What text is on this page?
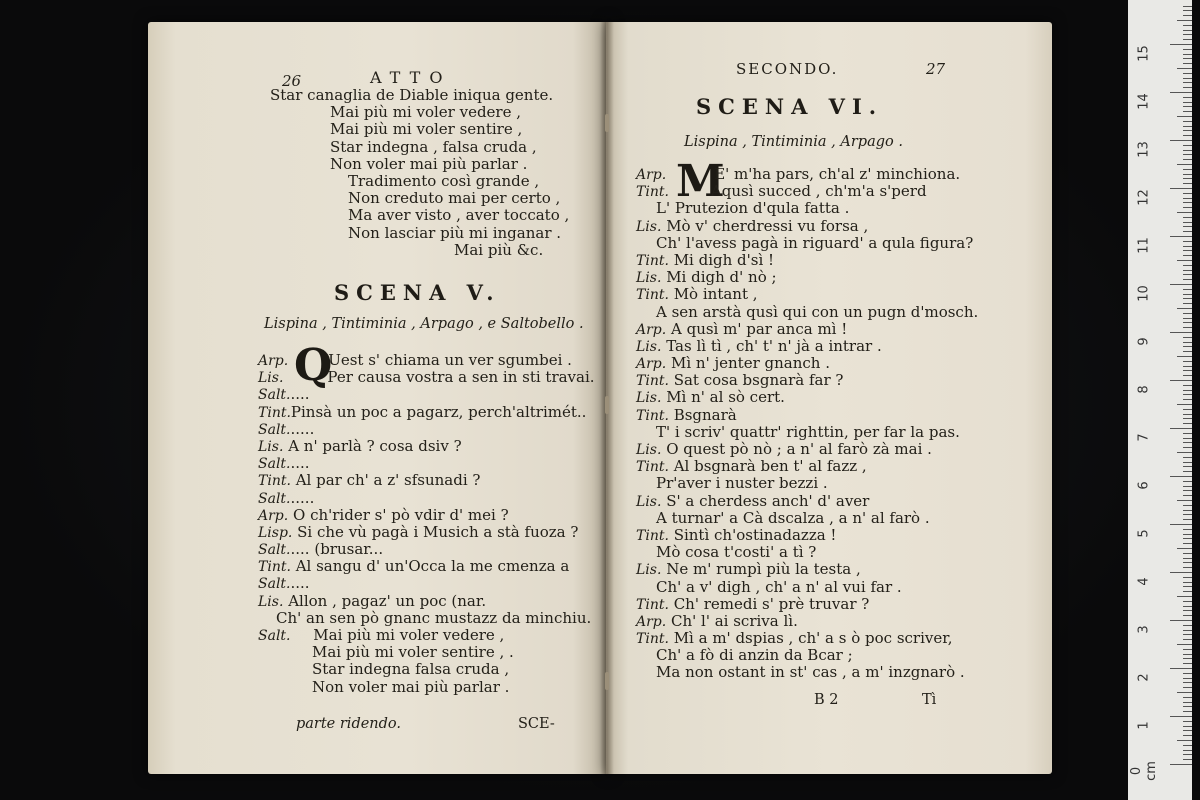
26	ATTO
Star canaglia de Diable iniqua gente.
Mai più mi voler vedere ,
Mai più mi voler sentire ,
Star indegna , falsa cruda ,
Non voler mai più parlar .
Tradimento così grande ,
Non creduto mai per certo ,
Ma aver visto , aver toccato ,
Non lasciar più mi inganar .
Mai più &c.
SCENA V.
Lispina , Tintiminia , Arpago , e Saltobello .
Q
Arp.	Uest s' chiama un ver sgumbei .
Lis.	Per causa vostra a sen in sti travai.
Salt.....
Tint.Pinsà un poc a pagarz, perch'altrimét..
Salt......
Lis. A n' parlà ? cosa dsiv ?
Salt.....
Tint. Al par ch' a z' sfsunadi ?
Salt......
Arp. O ch'rider s' pò vdir d' mei ?
Lisp. Si che vù pagà i Musich a stà fuoza ?
Salt..... (brusar...
Tint. Al sangu d' un'Occa la me cmenza a
Salt.....
Lis. Allon , pagaz' un poc (nar.
Ch' an sen pò gnanc mustazz da minchiu.
Salt. Mai più mi voler vedere ,
Mai più mi voler sentire , .
Star indegna falsa cruda ,
Non voler mai più parlar .
parte ridendo.	SCE-
SECONDO.	27
SCENA VI.
Lispina , Tintiminia , Arpago .
M
Arp.	E' m'ha pars, ch'al z' minchiona.
Tint.	Aqusì succed , ch'm'a s'perd
L' Prutezion d'qula fatta .
Lis. Mò v' cherdressi vu forsa ,
Ch' l'avess pagà in riguard' a qula figura?
Tint. Mi digh d'sì !
Lis. Mi digh d' nò ;
Tint. Mò intant ,
A sen arstà qusì qui con un pugn d'mosch.
Arp. A qusì m' par anca mì !
Lis. Tas lì tì , ch' t' n' jà a intrar .
Arp. Mì n' jenter gnanch .
Tint. Sat cosa bsgnarà far ?
Lis. Mì n' al sò cert.
Tint. Bsgnarà
T' i scriv' quattr' righttin, per far la pas.
Lis. O quest pò nò ; a n' al farò zà mai .
Tint. Al bsgnarà ben t' al fazz ,
Pr'aver i nuster bezzi .
Lis. S' a cherdess anch' d' aver
A turnar' a Cà dscalza , a n' al farò .
Tint. Sintì ch'ostinadazza !
Mò cosa t'costi' a tì ?
Lis. Ne m' rumpì più la testa ,
Ch' a v' digh , ch' a n' al vui far .
Tint. Ch' remedi s' prè truvar ?
Arp. Ch' l' ai scriva lì.
Tint. Mì a m' dspias , ch' a s ò poc scriver,
Ch' a fò di anzin da Bcar ;
Ma non ostant in st' cas , a m' inzgnarò .
B 2	Tì
0 cm
1
2
3
4
5
6
7
8
9
10
11
12
13
14
15
